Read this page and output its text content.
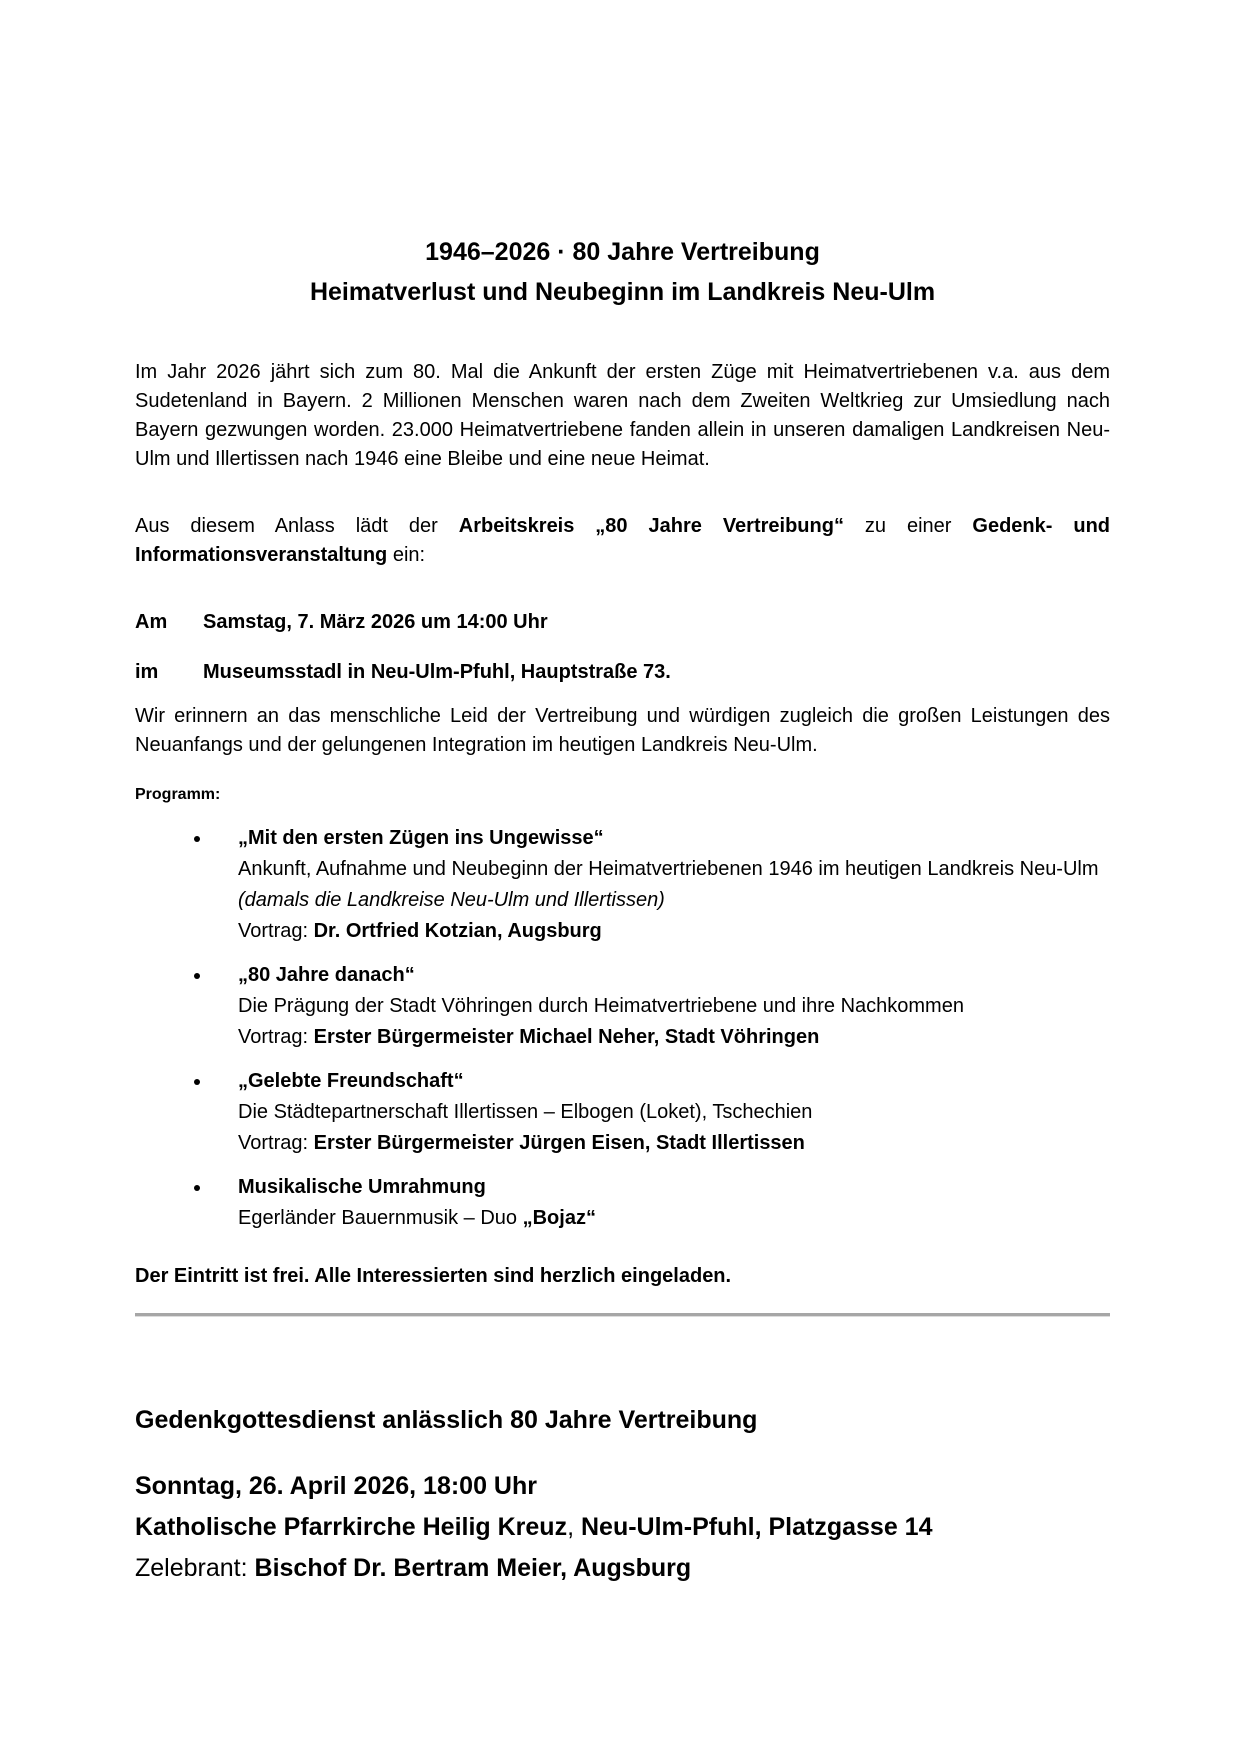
1946–2026 · 80 Jahre Vertreibung
Heimatverlust und Neubeginn im Landkreis Neu-Ulm

Im Jahr 2026 jährt sich zum 80. Mal die Ankunft der ersten Züge mit Heimatvertriebenen v.a. aus dem Sudetenland in Bayern. 2 Millionen Menschen waren nach dem Zweiten Weltkrieg zur Umsiedlung nach Bayern gezwungen worden. 23.000 Heimatvertriebene fanden allein in unseren damaligen Landkreisen Neu-Ulm und Illertissen nach 1946 eine Bleibe und eine neue Heimat.

Aus diesem Anlass lädt der Arbeitskreis „80 Jahre Vertreibung“ zu einer Gedenk- und Informationsveranstaltung ein:

Am	Samstag, 7. März 2026 um 14:00 Uhr
im	Museumsstadl in Neu-Ulm-Pfuhl, Hauptstraße 73.

Wir erinnern an das menschliche Leid der Vertreibung und würdigen zugleich die großen Leistungen des Neuanfangs und der gelungenen Integration im heutigen Landkreis Neu-Ulm.

Programm:
• „Mit den ersten Zügen ins Ungewisse“
Ankunft, Aufnahme und Neubeginn der Heimatvertriebenen 1946 im heutigen Landkreis Neu-Ulm (damals die Landkreise Neu-Ulm und Illertissen)
Vortrag: Dr. Ortfried Kotzian, Augsburg
• „80 Jahre danach“
Die Prägung der Stadt Vöhringen durch Heimatvertriebene und ihre Nachkommen
Vortrag: Erster Bürgermeister Michael Neher, Stadt Vöhringen
• „Gelebte Freundschaft“
Die Städtepartnerschaft Illertissen – Elbogen (Loket), Tschechien
Vortrag: Erster Bürgermeister Jürgen Eisen, Stadt Illertissen
• Musikalische Umrahmung
Egerländer Bauernmusik – Duo „Bojaz“
Der Eintritt ist frei. Alle Interessierten sind herzlich eingeladen.
Gedenkgottesdienst anlässlich 80 Jahre Vertreibung
Sonntag, 26. April 2026, 18:00 Uhr
Katholische Pfarrkirche Heilig Kreuz, Neu-Ulm-Pfuhl, Platzgasse 14
Zelebrant: Bischof Dr. Bertram Meier, Augsburg
